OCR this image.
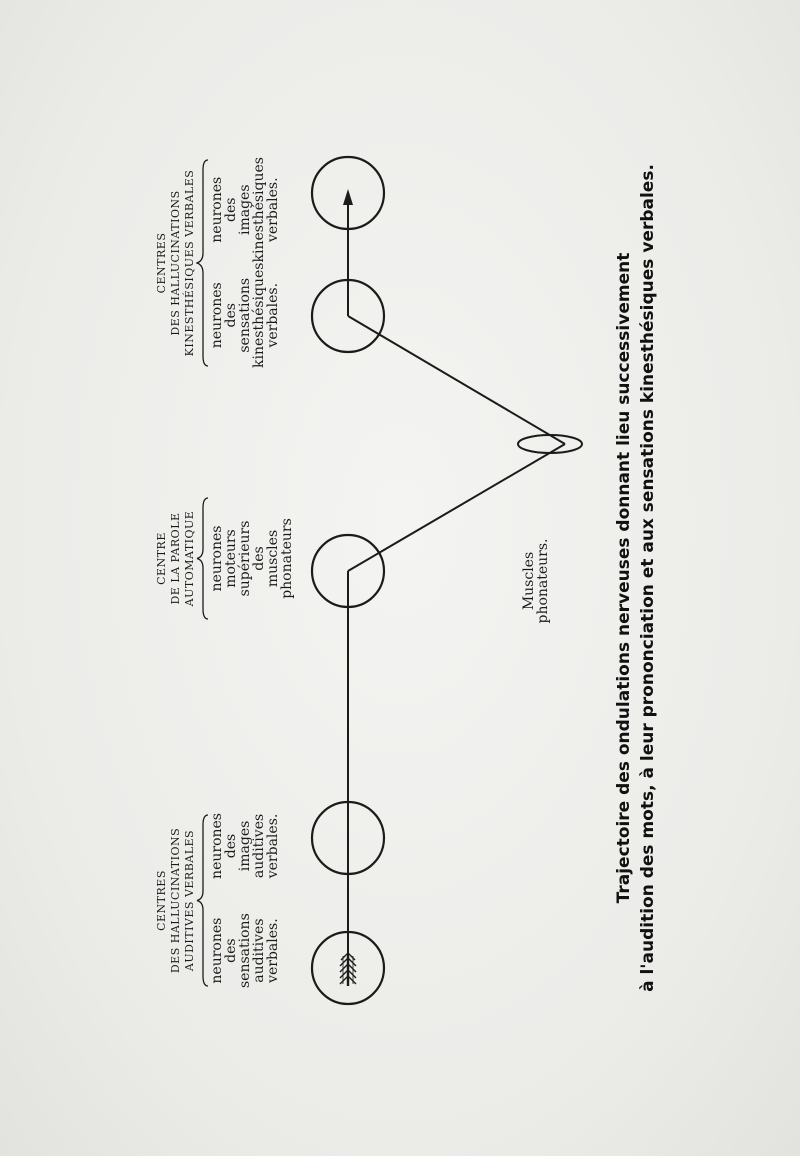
CENTRES DES HALLUCINATIONS AUDITIVES VERBALES neurones
des
sensations
auditives
verbales.
neurones
des
images
auditives
verbales.
CENTRE DE LA PAROLE AUTOMATIQUE neurones
moteurs
supérieurs
des
muscles phonateurs
CENTRES DES HALLUCINATIONS KINESTHÉSIQUES VERBALES neurones
des
sensations
kinesthésiques
verbales.
neurones
des
images
kinesthésiques
verbales.
Muscles
phonateurs.	Trajectoire des ondulations nerveuses donnant lieu successivement à l'audition des mots, à leur prononciation et aux sensations kinesthésiques verbales.
